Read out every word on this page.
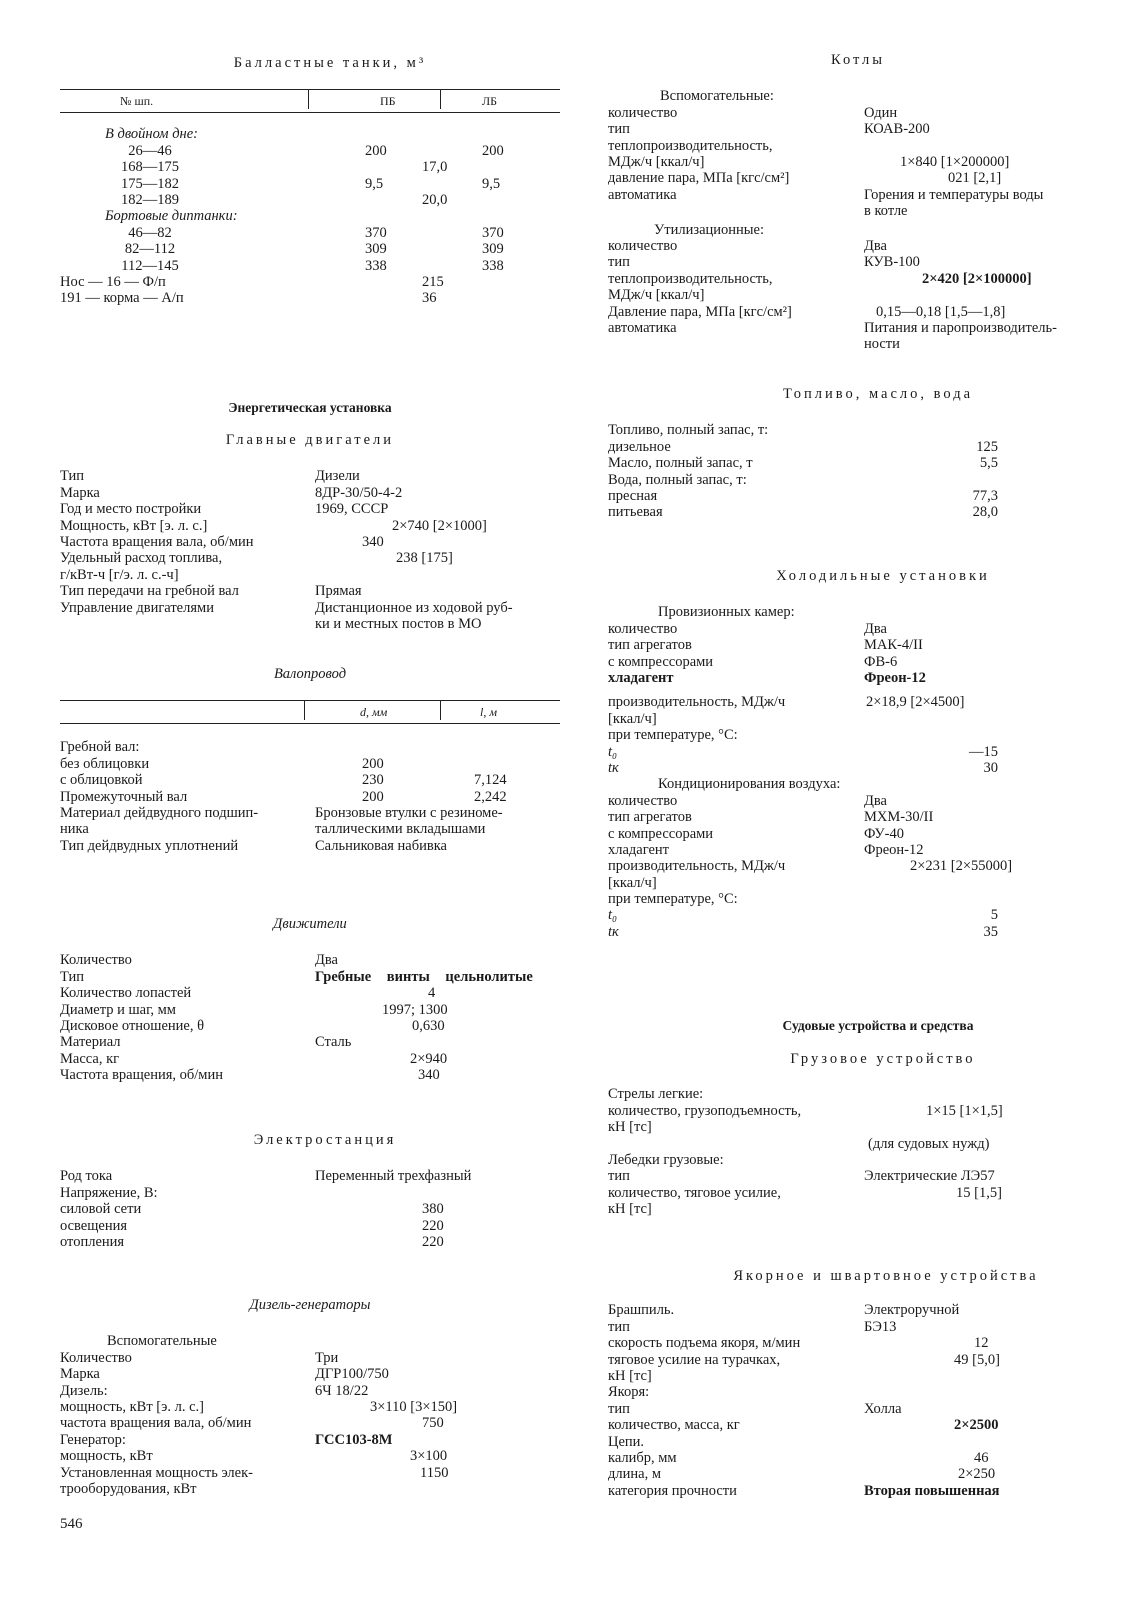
Балластные танки, м³
№ шп.	ПБ	ЛБ
В двойном дне:
26—46	200	200
168—175	17,0
175—182	9,5	9,5
182—189	20,0
Бортовые диптанки:
46—82	370	370
82—112	309	309
112—145	338	338
Нос — 16 — Ф/п	215
191 — корма — А/п	36
Энергетическая установка
Главные двигатели
Тип	Дизели
Марка	8ДР-30/50-4-2
Год и место постройки	1969, СССР
Мощность, кВт [э. л. с.]	2×740 [2×1000]
Частота вращения вала, об/мин	340
Удельный расход топлива,	238 [175]
г/кВт-ч [г/э. л. с.-ч]
Тип передачи на гребной вал	Прямая
Управление двигателями	Дистанционное из ходовой руб-
ки и местных постов в МО
Валопровод
d, мм	l, м
Гребной вал:
без облицовки	200
с облицовкой	230	7,124
Промежуточный вал	200	2,242
Материал дейдвудного подшип-	Бронзовые втулки с резиноме-
ника	таллическими вкладышами
Тип дейдвудных уплотнений	Сальниковая набивка
Движители
Количество	Два
Тип	Гребные винты цельнолитые
Количество лопастей	4
Диаметр и шаг, мм	1997; 1300
Дисковое отношение, θ	0,630
Материал	Сталь
Масса, кг	2×940
Частота вращения, об/мин	340
Электростанция
Род тока	Переменный трехфазный
Напряжение, В:
силовой сети	380
освещения	220
отопления	220
Дизель-генераторы
Вспомогательные
Количество	Три
Марка	ДГР100/750
Дизель:	6Ч 18/22
мощность, кВт [э. л. с.]	3×110 [3×150]
частота вращения вала, об/мин	750
Генератор:	ГСС103-8М
мощность, кВт	3×100
Установленная мощность элек-	1150
трооборудования, кВт
Котлы
Вспомогательные:
количество	Один
тип	КОАВ-200
теплопроизводительность,
МДж/ч [ккал/ч]	1×840 [1×200000]
давление пара, МПа [кгс/см²]	021 [2,1]
автоматика	Горения и температуры воды
в котле
Утилизационные:
количество	Два
тип	КУВ-100
теплопроизводительность,	2×420 [2×100000]
МДж/ч [ккал/ч]
Давление пара, МПа [кгс/см²]	0,15—0,18 [1,5—1,8]
автоматика	Питания и паропроизводитель-
ности
Топливо, масло, вода
Топливо, полный запас, т:
дизельное	125
Масло, полный запас, т	5,5
Вода, полный запас, т:
пресная	77,3
питьевая	28,0
Холодильные установки
Провизионных камер:
количество	Два
тип агрегатов	МАК-4/II
с компрессорами	ФВ-6
хладагент	Фреон-12
производительность, МДж/ч	2×18,9 [2×4500]
[ккал/ч]
при температуре, °С:
t₀	—15
tк	30
Кондиционирования воздуха:
количество	Два
тип агрегатов	МХМ-30/II
с компрессорами	ФУ-40
хладагент	Фреон-12
производительность, МДж/ч	2×231 [2×55000]
[ккал/ч]
при температуре, °С:
t₀	5
tк	35
Судовые устройства и средства
Грузовое устройство
Стрелы легкие:
количество, грузоподъемность,	1×15 [1×1,5]
кН [тс]
(для судовых нужд)
Лебедки грузовые:
тип	Электрические ЛЭ57
количество, тяговое усилие,	15 [1,5]
кН [тс]
Якорное и швартовное устройства
Брашпиль.	Электроручной
тип	БЭ13
скорость подъема якоря, м/мин	12
тяговое усилие на турачках,	49 [5,0]
кН [тс]
Якоря:
тип	Холла
количество, масса, кг	2×2500
Цепи.
калибр, мм	46
длина, м	2×250
категория прочности	Вторая повышенная
546
